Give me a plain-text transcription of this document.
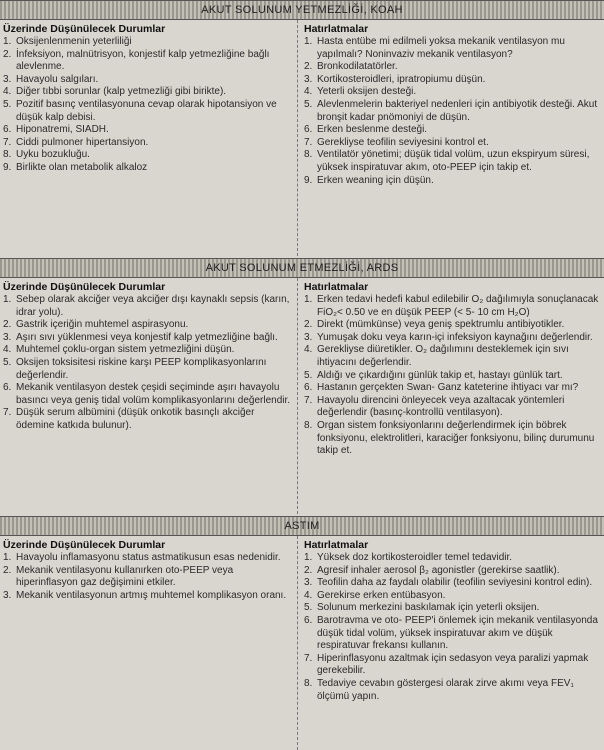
AKUT SOLUNUM YETMEZLİĞİ, KOAH
Üzerinde Düşünülecek Durumlar
1. Oksijenlenmenin yeterliliği
2. İnfeksiyon, malnütrisyon, konjestif kalp yetmezliğine bağlı alevlenme.
3. Havayolu salgıları.
4. Diğer tıbbi sorunlar (kalp yetmezliği gibi birikte).
5. Pozitif basınç ventilasyonuna cevap olarak hipotansiyon ve düşük kalp debisi.
6. Hiponatremi, SIADH.
7. Ciddi pulmoner hipertansiyon.
8. Uyku bozukluğu.
9. Birlikte olan metabolik alkaloz
Hatırlatmalar
1. Hasta entübe mi edilmeli yoksa mekanik ventilasyon mu yapılmalı? Noninvaziv mekanik ventilasyon?
2. Bronkodilatatörler.
3. Kortikosteroidleri, ipratropiumu düşün.
4. Yeterli oksijen desteği.
5. Alevlenmelerin bakteriyel nedenleri için antibiyotik desteği. Akut bronşit kadar pnömoniyi de düşün.
6. Erken beslenme desteği.
7. Gerekliyse teofilin seviyesini kontrol et.
8. Ventilatör yönetimi; düşük tidal volüm, uzun ekspiryum süresi, yüksek inspiratuvar akım, oto-PEEP için takip et.
9. Erken weaning için düşün.
AKUT SOLUNUM ETMEZLİĞİ, ARDS
Üzerinde Düşünülecek Durumlar
1. Sebep olarak akciğer veya akciğer dışı kaynaklı sepsis (karın, idrar yolu).
2. Gastrik içeriğin muhtemel aspirasyonu.
3. Aşırı sıvı yüklenmesi veya konjestif kalp yetmezliğine bağlı.
4. Muhtemel çoklu-organ sistem yetmezliğini düşün.
5. Oksijen toksisitesi riskine karşı PEEP komplikasyonlarını değerlendir.
6. Mekanik ventilasyon destek çeşidi seçiminde aşırı havayolu basıncı veya geniş tidal volüm komplikasyonlarını değerlendir.
7. Düşük serum albümini (düşük onkotik basınçlı akciğer ödemine katkıda bulunur).
Hatırlatmalar
1. Erken tedavi hedefi kabul edilebilir O₂ dağılımıyla sonuçlanacak FiO₂< 0.50 ve en düşük PEEP (< 5- 10 cm H₂O)
2. Direkt (mümkünse) veya geniş spektrumlu antibiyotikler.
3. Yumuşak doku veya karın-içi infeksiyon kaynağını değerlendir.
4. Gerekliyse diüretikler. O₂ dağılımını desteklemek için sıvı ihtiyacını değerlendir.
5. Aldığı ve çıkardığını günlük takip et, hastayı günlük tart.
6. Hastanın gerçekten Swan- Ganz kateterine ihtiyacı var mı?
7. Havayolu direncini önleyecek veya azaltacak yöntemleri değerlendir (basınç-kontrollü ventilasyon).
8. Organ sistem fonksiyonlarını değerlendirmek için böbrek fonksiyonu, elektrolitleri, karaciğer fonksiyonu, bilinç durumunu takip et.
ASTIM
Üzerinde Düşünülecek Durumlar
1. Havayolu inflamasyonu status astmatikusun esas nedenidir.
2. Mekanik ventilasyonu kullanırken oto-PEEP veya hiperinflasyon gaz değişimini etkiler.
3. Mekanik ventilasyonun artmış muhtemel komplikasyon oranı.
Hatırlatmalar
1. Yüksek doz kortikosteroidler temel tedavidir.
2. Agresif inhaler aerosol β₂ agonistler (gerekirse saatlik).
3. Teofilin daha az faydalı olabilir (teofilin seviyesini kontrol edin).
4. Gerekirse erken entübasyon.
5. Solunum merkezini baskılamak için yeterli oksijen.
6. Barotravma ve oto- PEEP'i önlemek için mekanik ventilasyonda düşük tidal volüm, yüksek inspiratuvar akım ve düşük respiratuvar frekansı kullanın.
7. Hiperinflasyonu azaltmak için sedasyon veya paralizi yapmak gerekebilir.
8. Tedaviye cevabın göstergesi olarak zirve akımı veya FEV₁ ölçümü yapın.
